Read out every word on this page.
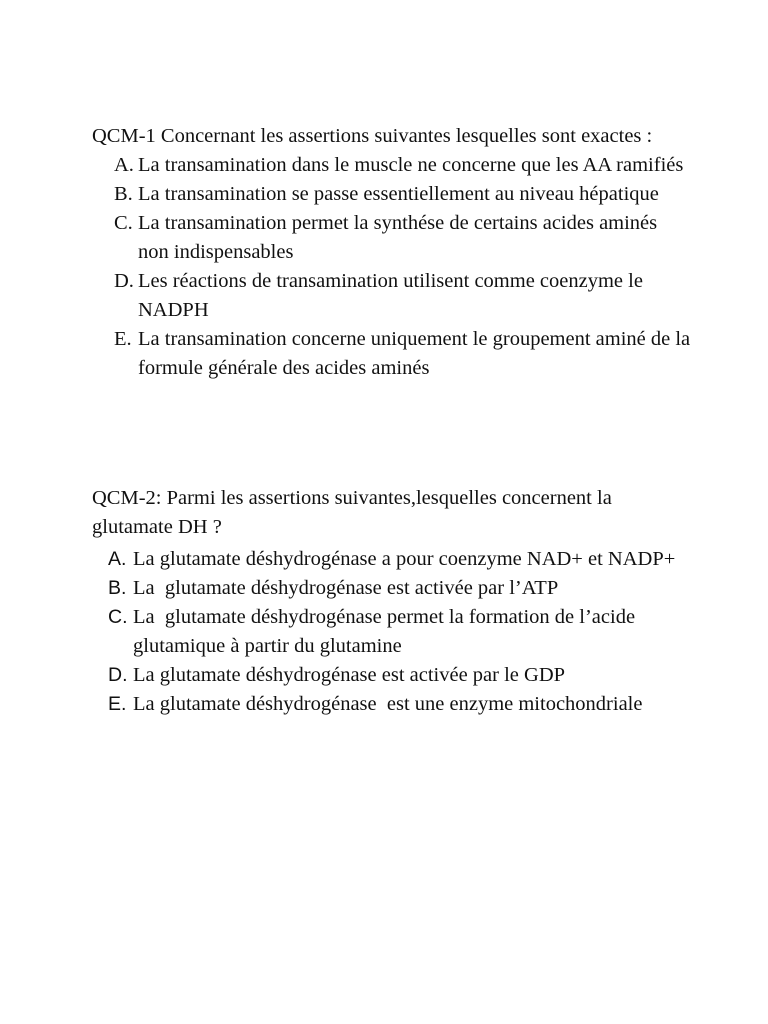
QCM-1 Concernant les assertions suivantes lesquelles sont exactes :

A. La transamination dans le muscle ne concerne que les AA ramifiés
B. La transamination se passe essentiellement au niveau hépatique
C. La transamination permet la synthése de certains acides aminés non indispensables
D. Les réactions de transamination utilisent comme coenzyme le NADPH
E. La transamination concerne uniquement le groupement aminé de la formule générale des acides aminés

QCM-2: Parmi les assertions suivantes,lesquelles concernent la glutamate DH ?

A. La glutamate déshydrogénase a pour coenzyme NAD+ et NADP+
B. La  glutamate déshydrogénase est activée par l’ATP
C. La  glutamate déshydrogénase permet la formation de l’acide glutamique à partir du glutamine
D. La glutamate déshydrogénase est activée par le GDP
E. La glutamate déshydrogénase  est une enzyme mitochondriale
